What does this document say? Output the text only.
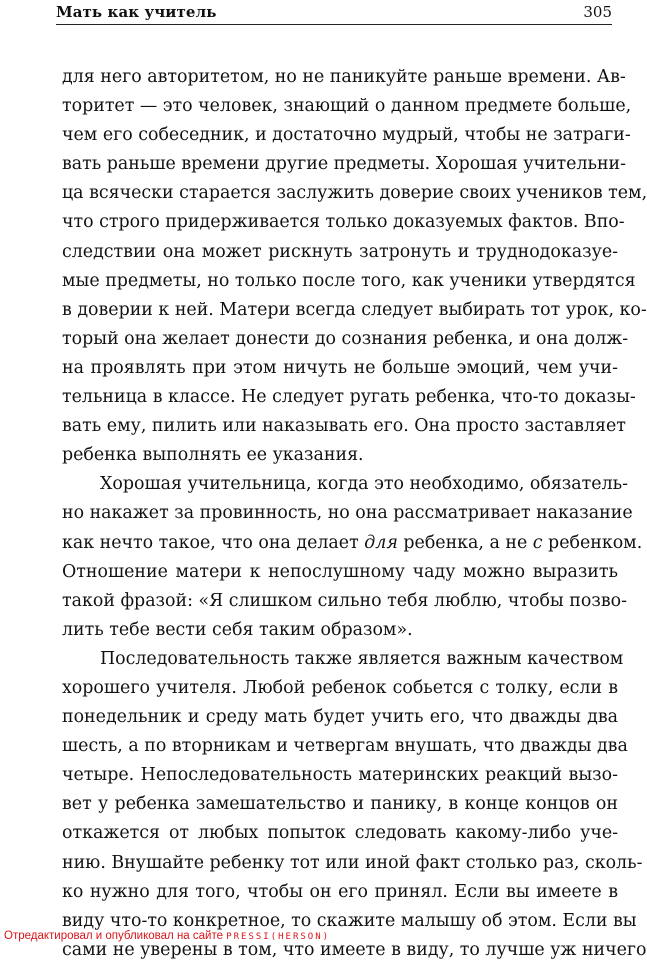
Мать как учитель	305
для него авторитетом, но не паникуйте раньше времени. Ав-
торитет — это человек, знающий о данном предмете больше,
чем его собеседник, и достаточно мудрый, чтобы не затраги-
вать раньше времени другие предметы. Хорошая учительни-
ца всячески старается заслужить доверие своих учеников тем,
что строго придерживается только доказуемых фактов. Впо-
следствии она может рискнуть затронуть и труднодоказуе-
мые предметы, но только после того, как ученики утвердятся
в доверии к ней. Матери всегда следует выбирать тот урок, ко-
торый она желает донести до сознания ребенка, и она долж-
на проявлять при этом ничуть не больше эмоций, чем учи-
тельница в классе. Не следует ругать ребенка, что-то доказы-
вать ему, пилить или наказывать его. Она просто заставляет
ребенка выполнять ее указания.
Хорошая учительница, когда это необходимо, обязатель-
но накажет за провинность, но она рассматривает наказание
как нечто такое, что она делает для ребенка, а не с ребенком.
Отношение матери к непослушному чаду можно выразить
такой фразой: «Я слишком сильно тебя люблю, чтобы позво-
лить тебе вести себя таким образом».
Последовательность также является важным качеством
хорошего учителя. Любой ребенок собьется с толку, если в
понедельник и среду мать будет учить его, что дважды два
шесть, а по вторникам и четвергам внушать, что дважды два
четыре. Непоследовательность материнских реакций вызо-
вет у ребенка замешательство и панику, в конце концов он
откажется от любых попыток следовать какому-либо уче-
нию. Внушайте ребенку тот или иной факт столько раз, сколь-
ко нужно для того, чтобы он его принял. Если вы имеете в
виду что-то конкретное, то скажите малышу об этом. Если вы
сами не уверены в том, что имеете в виду, то лучше уж ничего
Отредактировал и опубликовал на сайте PRESSI(HERSON)
